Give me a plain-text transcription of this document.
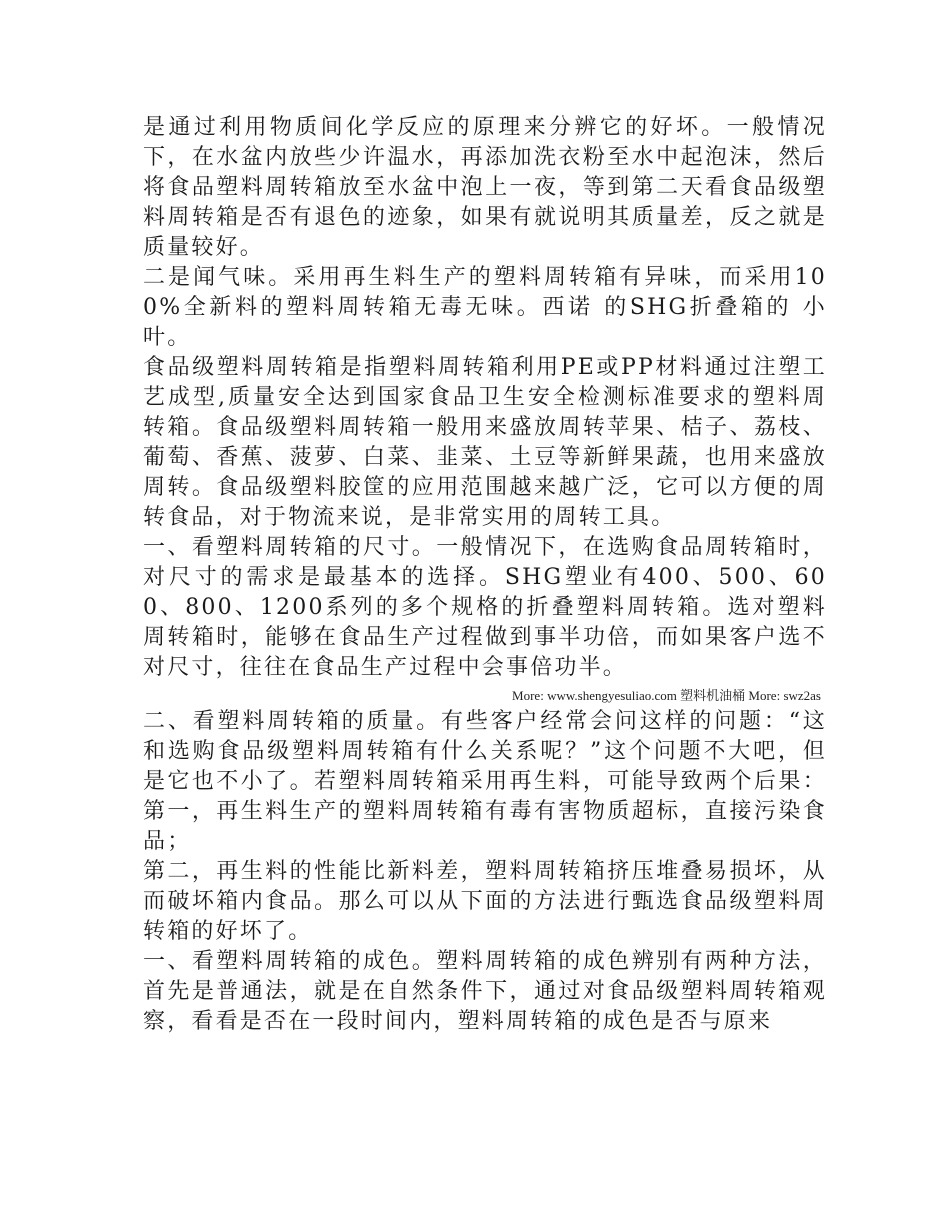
是通过利用物质间化学反应的原理来分辨它的好坏。一般情况下，在水盆内放些少许温水，再添加洗衣粉至水中起泡沫，然后将食品塑料周转箱放至水盆中泡上一夜，等到第二天看食品级塑料周转箱是否有退色的迹象，如果有就说明其质量差，反之就是质量较好。

二是闻气味。采用再生料生产的塑料周转箱有异味，而采用100%全新料的塑料周转箱无毒无味。西诺 的SHG折叠箱的 小叶。

食品级塑料周转箱是指塑料周转箱利用PE或PP材料通过注塑工艺成型,质量安全达到国家食品卫生安全检测标准要求的塑料周转箱。食品级塑料周转箱一般用来盛放周转苹果、桔子、荔枝、葡萄、香蕉、菠萝、白菜、韭菜、土豆等新鲜果蔬，也用来盛放周转。食品级塑料胶筐的应用范围越来越广泛，它可以方便的周转食品，对于物流来说，是非常实用的周转工具。

一、看塑料周转箱的尺寸。一般情况下，在选购食品周转箱时，对尺寸的需求是最基本的选择。SHG塑业有400、500、600、800、1200系列的多个规格的折叠塑料周转箱。选对塑料周转箱时，能够在食品生产过程做到事半功倍，而如果客户选不对尺寸，往往在食品生产过程中会事倍功半。

More: www.shengyesuliao.com 塑料机油桶 More: swz2as

二、看塑料周转箱的质量。有些客户经常会问这样的问题：“这和选购食品级塑料周转箱有什么关系呢？”这个问题不大吧，但是它也不小了。若塑料周转箱采用再生料，可能导致两个后果：第一，再生料生产的塑料周转箱有毒有害物质超标，直接污染食品；

第二，再生料的性能比新料差，塑料周转箱挤压堆叠易损坏，从而破坏箱内食品。那么可以从下面的方法进行甄选食品级塑料周转箱的好坏了。

一、看塑料周转箱的成色。塑料周转箱的成色辨别有两种方法，首先是普通法，就是在自然条件下，通过对食品级塑料周转箱观察，看看是否在一段时间内，塑料周转箱的成色是否与原来
